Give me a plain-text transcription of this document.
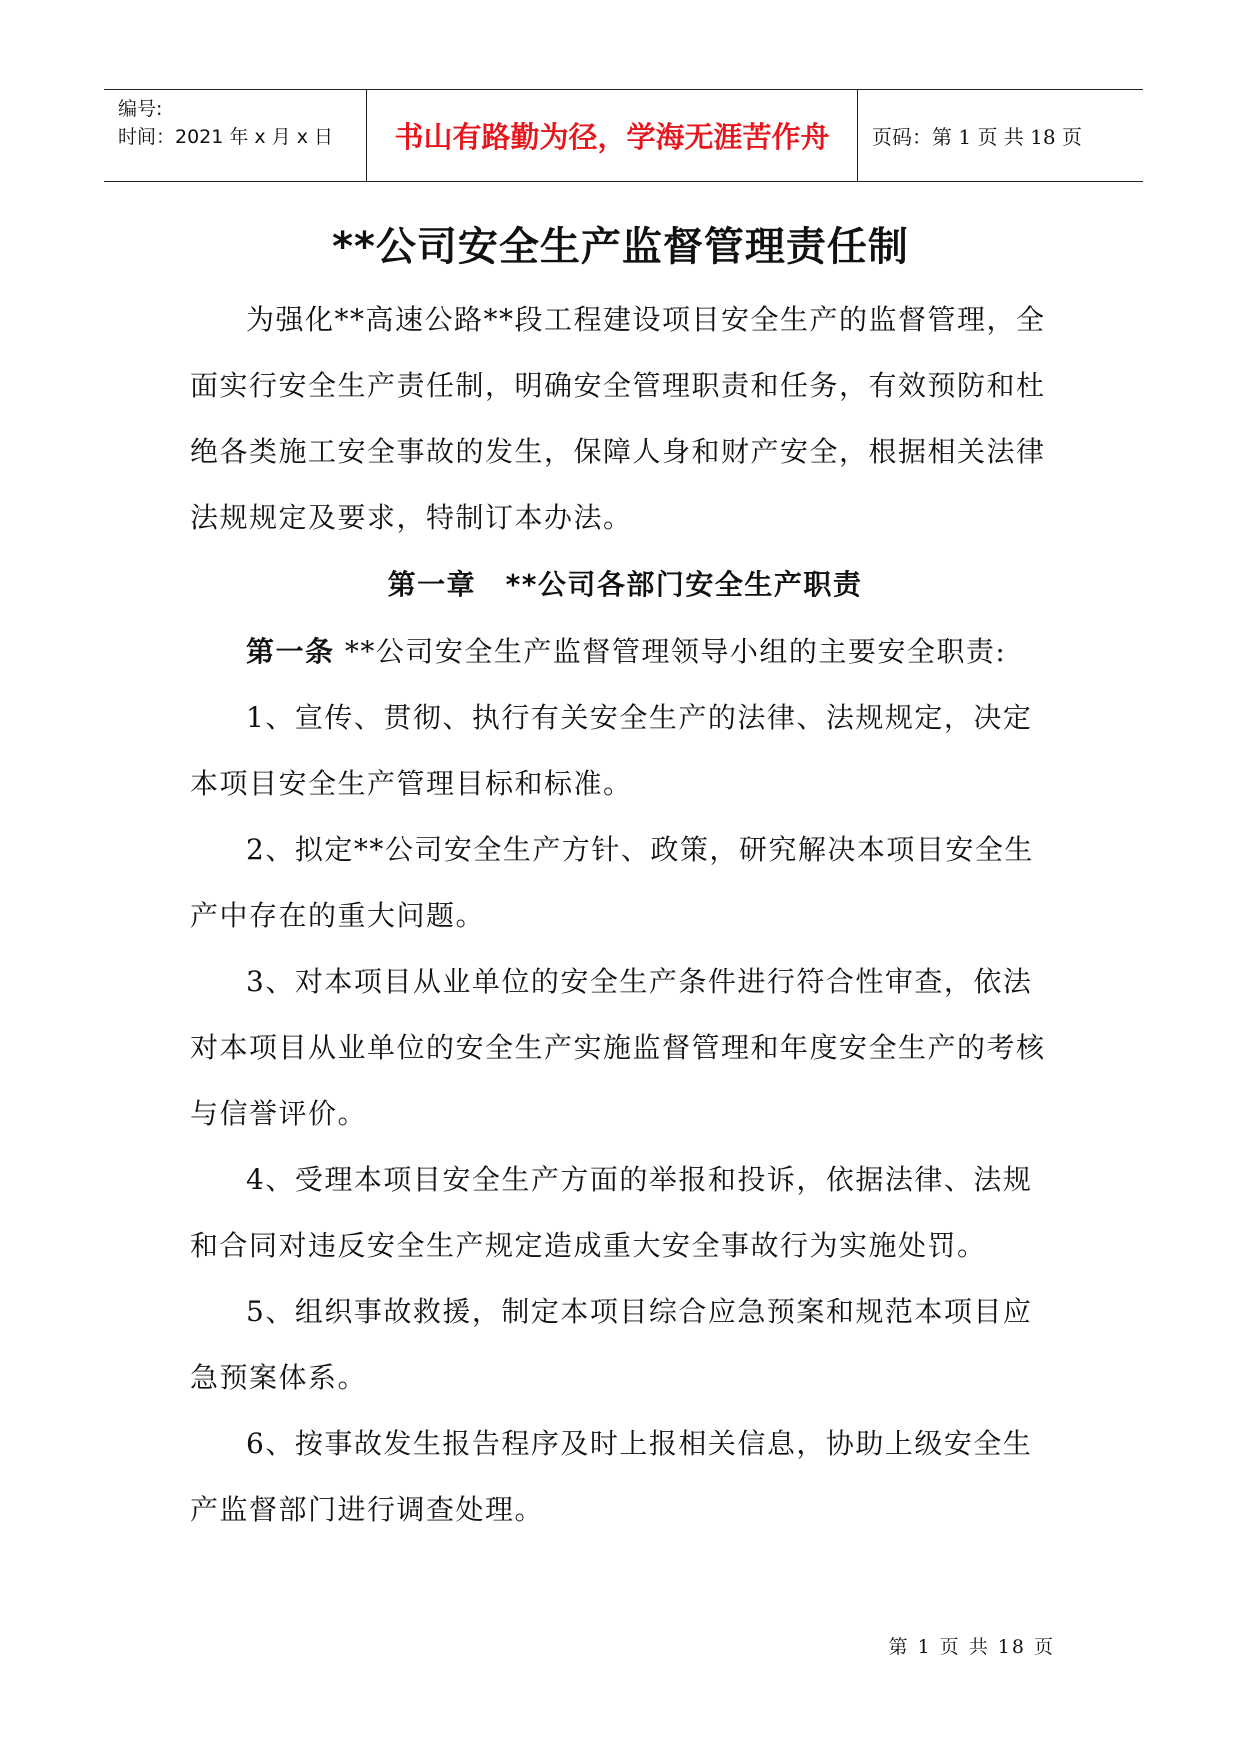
编号:
时间：2021 年 x 月 x 日	书山有路勤为径，学海无涯苦作舟	页码：第 1 页 共 18 页
**公司安全生产监督管理责任制

为强化**高速公路**段工程建设项目安全生产的监督管理，全面实行安全生产责任制，明确安全管理职责和任务，有效预防和杜绝各类施工安全事故的发生，保障人身和财产安全，根据相关法律法规规定及要求，特制订本办法。

第一章　**公司各部门安全生产职责

第一条 **公司安全生产监督管理领导小组的主要安全职责:

1、宣传、贯彻、执行有关安全生产的法律、法规规定，决定本项目安全生产管理目标和标准。

2、拟定**公司安全生产方针、政策，研究解决本项目安全生产中存在的重大问题。

3、对本项目从业单位的安全生产条件进行符合性审查，依法对本项目从业单位的安全生产实施监督管理和年度安全生产的考核与信誉评价。

4、受理本项目安全生产方面的举报和投诉，依据法律、法规和合同对违反安全生产规定造成重大安全事故行为实施处罚。

5、组织事故救援，制定本项目综合应急预案和规范本项目应急预案体系。

6、按事故发生报告程序及时上报相关信息，协助上级安全生产监督部门进行调查处理。

第 1 页 共 18 页
